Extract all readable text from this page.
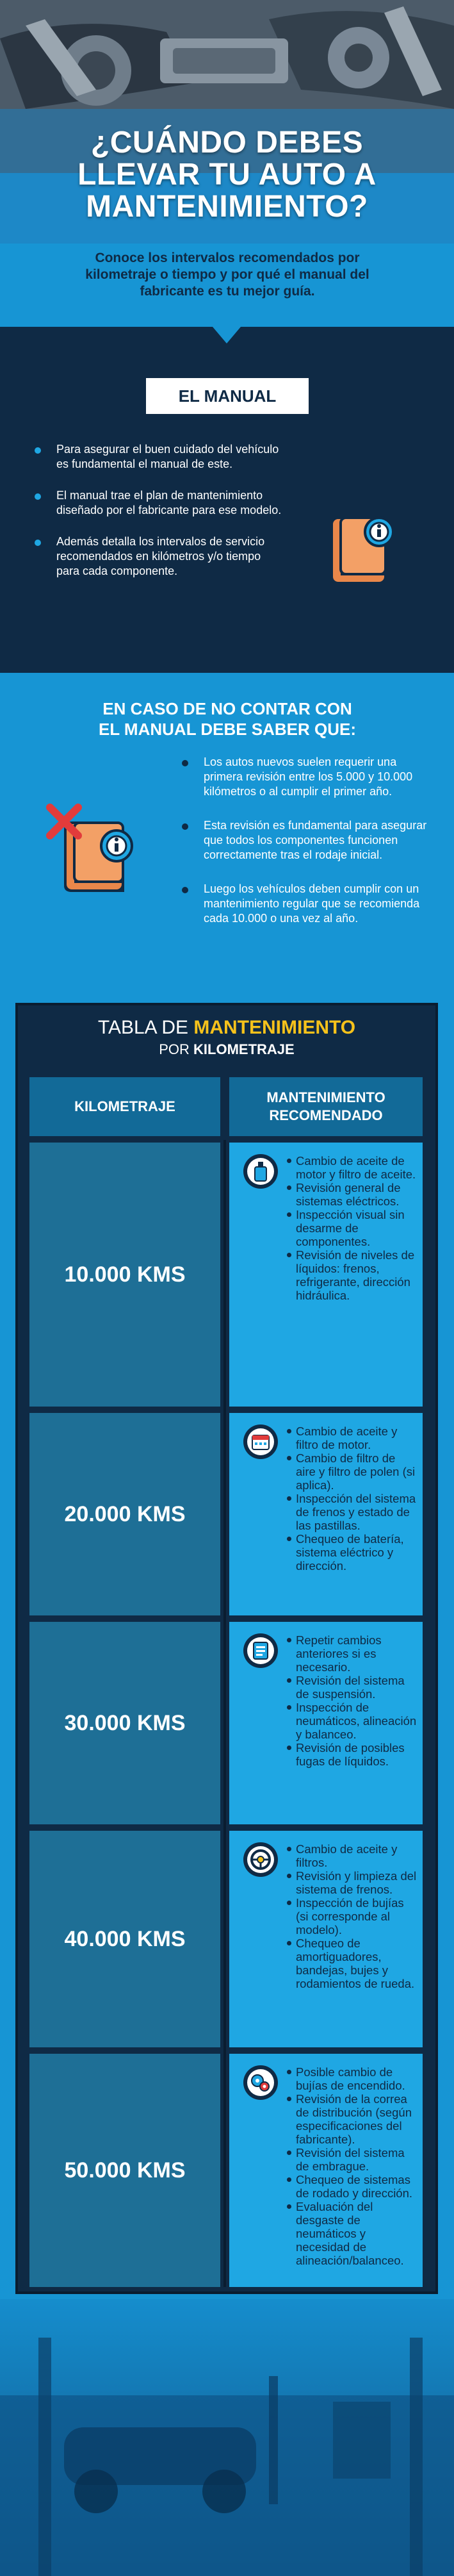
¿CUÁNDO DEBES
LLEVAR TU AUTO A
MANTENIMIENTO?
Conoce los intervalos recomendados por
kilometraje o tiempo y por qué el manual del
fabricante es tu mejor guía.
EL MANUAL
Para asegurar el buen cuidado del vehículo es fundamental el manual de este.
El manual trae el plan de mantenimiento diseñado por el fabricante para ese modelo.
Además detalla los intervalos de servicio recomendados en kilómetros y/o tiempo para cada componente.
EN CASO DE NO CONTAR CON
EL MANUAL DEBE SABER QUE:
Los autos nuevos suelen requerir una primera revisión entre los 5.000 y 10.000 kilómetros o al cumplir el primer año.
Esta revisión es fundamental para asegurar que todos los componentes funcionen correctamente tras el rodaje inicial.
Luego los vehículos deben cumplir con un mantenimiento regular que se recomienda cada 10.000 o una vez al año.
TABLA DE MANTENIMIENTO
POR KILOMETRAJE
KILOMETRAJE
MANTENIMIENTO
RECOMENDADO
10.000 KMS
Cambio de aceite de motor y filtro de aceite.
Revisión general de sistemas eléctricos.
Inspección visual sin desarme de componentes.
Revisión de niveles de líquidos: frenos, refrigerante, dirección hidráulica.
20.000 KMS
Cambio de aceite y filtro de motor.
Cambio de filtro de aire y filtro de polen (si aplica).
Inspección del sistema de frenos y estado de las pastillas.
Chequeo de batería, sistema eléctrico y dirección.
30.000 KMS
Repetir cambios anteriores si es necesario.
Revisión del sistema de suspensión.
Inspección de neumáticos, alineación y balanceo.
Revisión de posibles fugas de líquidos.
40.000 KMS
Cambio de aceite y filtros.
Revisión y limpieza del sistema de frenos.
Inspección de bujías (si corresponde al modelo).
Chequeo de amortiguadores, bandejas, bujes y rodamientos de rueda.
50.000 KMS
Posible cambio de bujías de encendido.
Revisión de la correa de distribución (según especificaciones del fabricante).
Revisión del sistema de embrague.
Chequeo de sistemas de rodado y dirección.
Evaluación del desgaste de neumáticos y necesidad de alineación/balanceo.
